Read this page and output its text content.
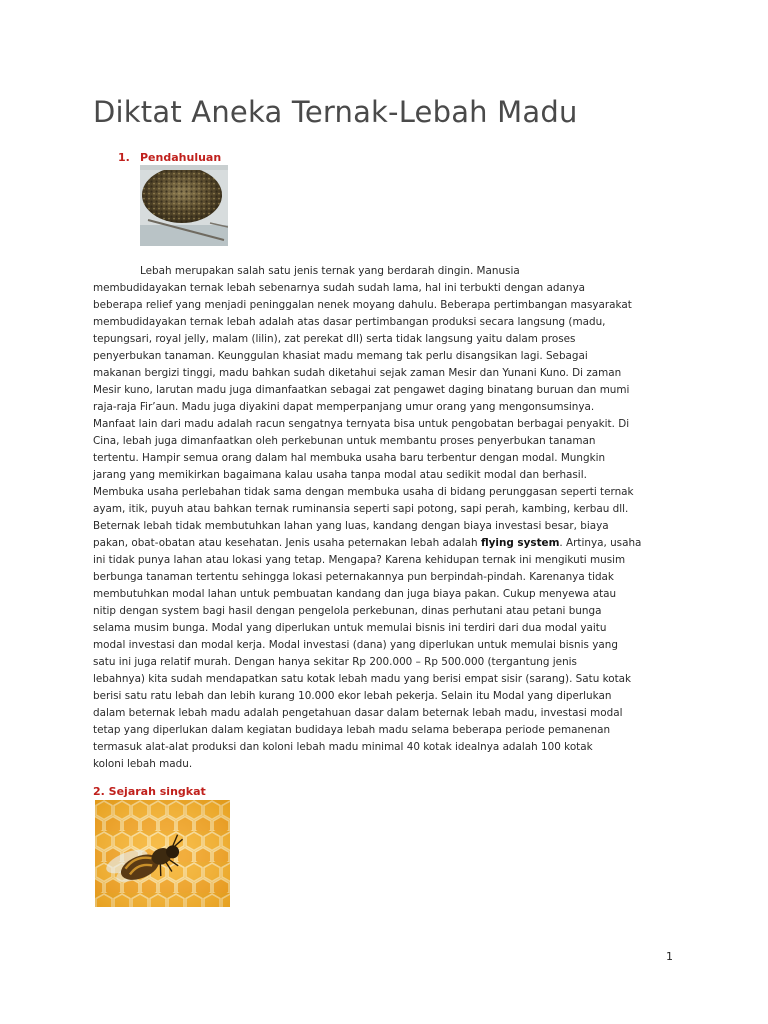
Diktat Aneka Ternak-Lebah Madu
1. Pendahuluan
Lebah merupakan salah satu jenis ternak yang berdarah dingin. Manusia
membudidayakan ternak lebah sebenarnya sudah sudah lama, hal ini terbukti dengan adanya
beberapa relief yang menjadi peninggalan nenek moyang dahulu. Beberapa pertimbangan masyarakat
membudidayakan ternak lebah adalah atas dasar pertimbangan produksi secara langsung (madu,
tepungsari, royal jelly, malam (lilin), zat perekat dll) serta tidak langsung yaitu dalam proses
penyerbukan tanaman. Keunggulan khasiat madu memang tak perlu disangsikan lagi. Sebagai
makanan bergizi tinggi, madu bahkan sudah diketahui sejak zaman Mesir dan Yunani Kuno. Di zaman
Mesir kuno, larutan madu juga dimanfaatkan sebagai zat pengawet daging binatang buruan dan mumi
raja-raja Fir’aun. Madu juga diyakini dapat memperpanjang umur orang yang mengonsumsinya.
Manfaat lain dari madu adalah racun sengatnya ternyata bisa untuk pengobatan berbagai penyakit. Di
Cina, lebah juga dimanfaatkan oleh perkebunan untuk membantu proses penyerbukan tanaman
tertentu. Hampir semua orang dalam hal membuka usaha baru terbentur dengan modal. Mungkin
jarang yang memikirkan bagaimana kalau usaha tanpa modal atau sedikit modal dan berhasil.
Membuka usaha perlebahan tidak sama dengan membuka usaha di bidang perunggasan seperti ternak
ayam, itik, puyuh atau bahkan ternak ruminansia seperti sapi potong, sapi perah, kambing, kerbau dll.
Beternak lebah tidak membutuhkan lahan yang luas, kandang dengan biaya investasi besar, biaya
pakan, obat-obatan atau kesehatan. Jenis usaha peternakan lebah adalah flying system. Artinya, usaha
ini tidak punya lahan atau lokasi yang tetap. Mengapa? Karena kehidupan ternak ini mengikuti musim
berbunga tanaman tertentu sehingga lokasi peternakannya pun berpindah-pindah. Karenanya tidak
membutuhkan modal lahan untuk pembuatan kandang dan juga biaya pakan. Cukup menyewa atau
nitip dengan system bagi hasil dengan pengelola perkebunan, dinas perhutani atau petani bunga
selama musim bunga. Modal yang diperlukan untuk memulai bisnis ini terdiri dari dua modal yaitu
modal investasi dan modal kerja. Modal investasi (dana) yang diperlukan untuk memulai bisnis yang
satu ini juga relatif murah. Dengan hanya sekitar Rp 200.000 – Rp 500.000 (tergantung jenis
lebahnya) kita sudah mendapatkan satu kotak lebah madu yang berisi empat sisir (sarang). Satu kotak
berisi satu ratu lebah dan lebih kurang 10.000 ekor lebah pekerja. Selain itu Modal yang diperlukan
dalam beternak lebah madu adalah pengetahuan dasar dalam beternak lebah madu, investasi modal
tetap yang diperlukan dalam kegiatan budidaya lebah madu selama beberapa periode pemanenan
termasuk alat-alat produksi dan koloni lebah madu minimal 40 kotak idealnya adalah 100 kotak
koloni lebah madu.
2. Sejarah singkat
1
